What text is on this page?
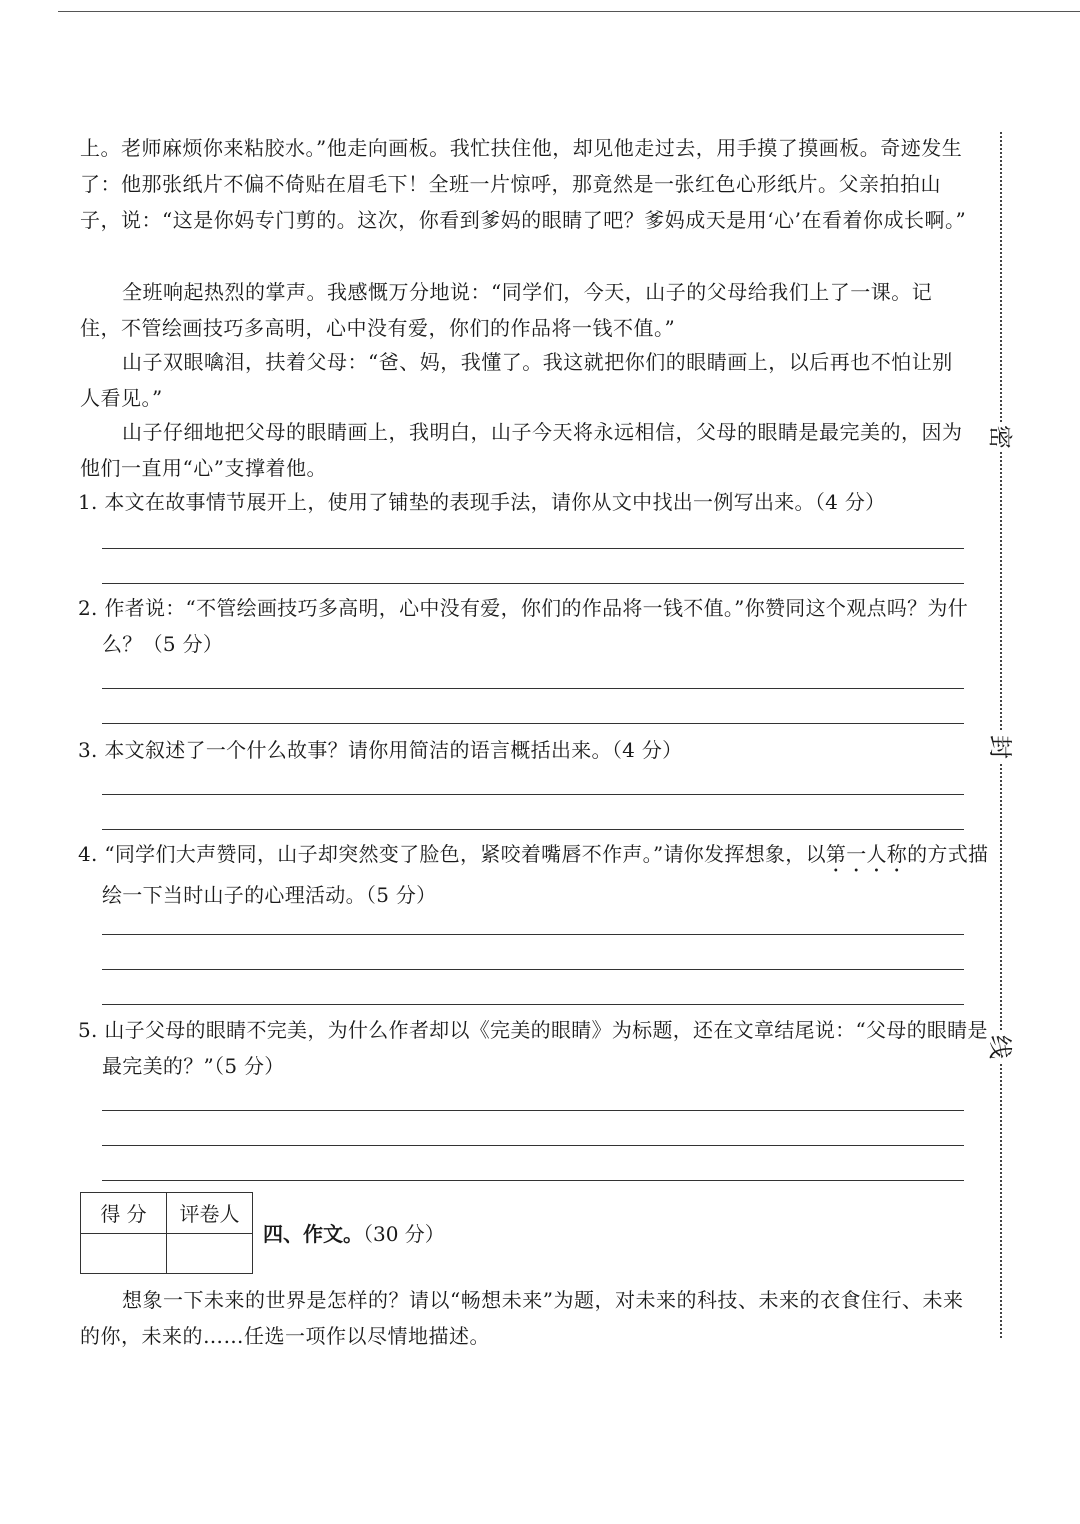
密
封
线

上。老师麻烦你来粘胶水。”他走向画板。我忙扶住他，却见他走过去，用手摸了摸画板。奇迹发生了：他那张纸片不偏不倚贴在眉毛下！全班一片惊呼，那竟然是一张红色心形纸片。父亲拍拍山子，说：“这是你妈专门剪的。这次，你看到爹妈的眼睛了吧？爹妈成天是用‘心’在看着你成长啊。”

全班响起热烈的掌声。我感慨万分地说：“同学们，今天，山子的父母给我们上了一课。记住，不管绘画技巧多高明，心中没有爱，你们的作品将一钱不值。”

山子双眼噙泪，扶着父母：“爸、妈，我懂了。我这就把你们的眼睛画上，以后再也不怕让别人看见。”

山子仔细地把父母的眼睛画上，我明白，山子今天将永远相信，父母的眼睛是最完美的，因为他们一直用“心”支撑着他。

1. 本文在故事情节展开上，使用了铺垫的表现手法，请你从文中找出一例写出来。（4 分）

2. 作者说：“不管绘画技巧多高明，心中没有爱，你们的作品将一钱不值。”你赞同这个观点吗？为什么？（5 分）

3. 本文叙述了一个什么故事？请你用简洁的语言概括出来。（4 分）

4. “同学们大声赞同，山子却突然变了脸色，紧咬着嘴唇不作声。”请你发挥想象，以第一人称的方式描绘一下当时山子的心理活动。（5 分）

5. 山子父母的眼睛不完美，为什么作者却以《完美的眼睛》为标题，还在文章结尾说：“父母的眼睛是最完美的？”（5 分）

得 分	评卷人

四、作文。（30 分）

想象一下未来的世界是怎样的？请以“畅想未来”为题，对未来的科技、未来的衣食住行、未来的你，未来的……任选一项作以尽情地描述。
